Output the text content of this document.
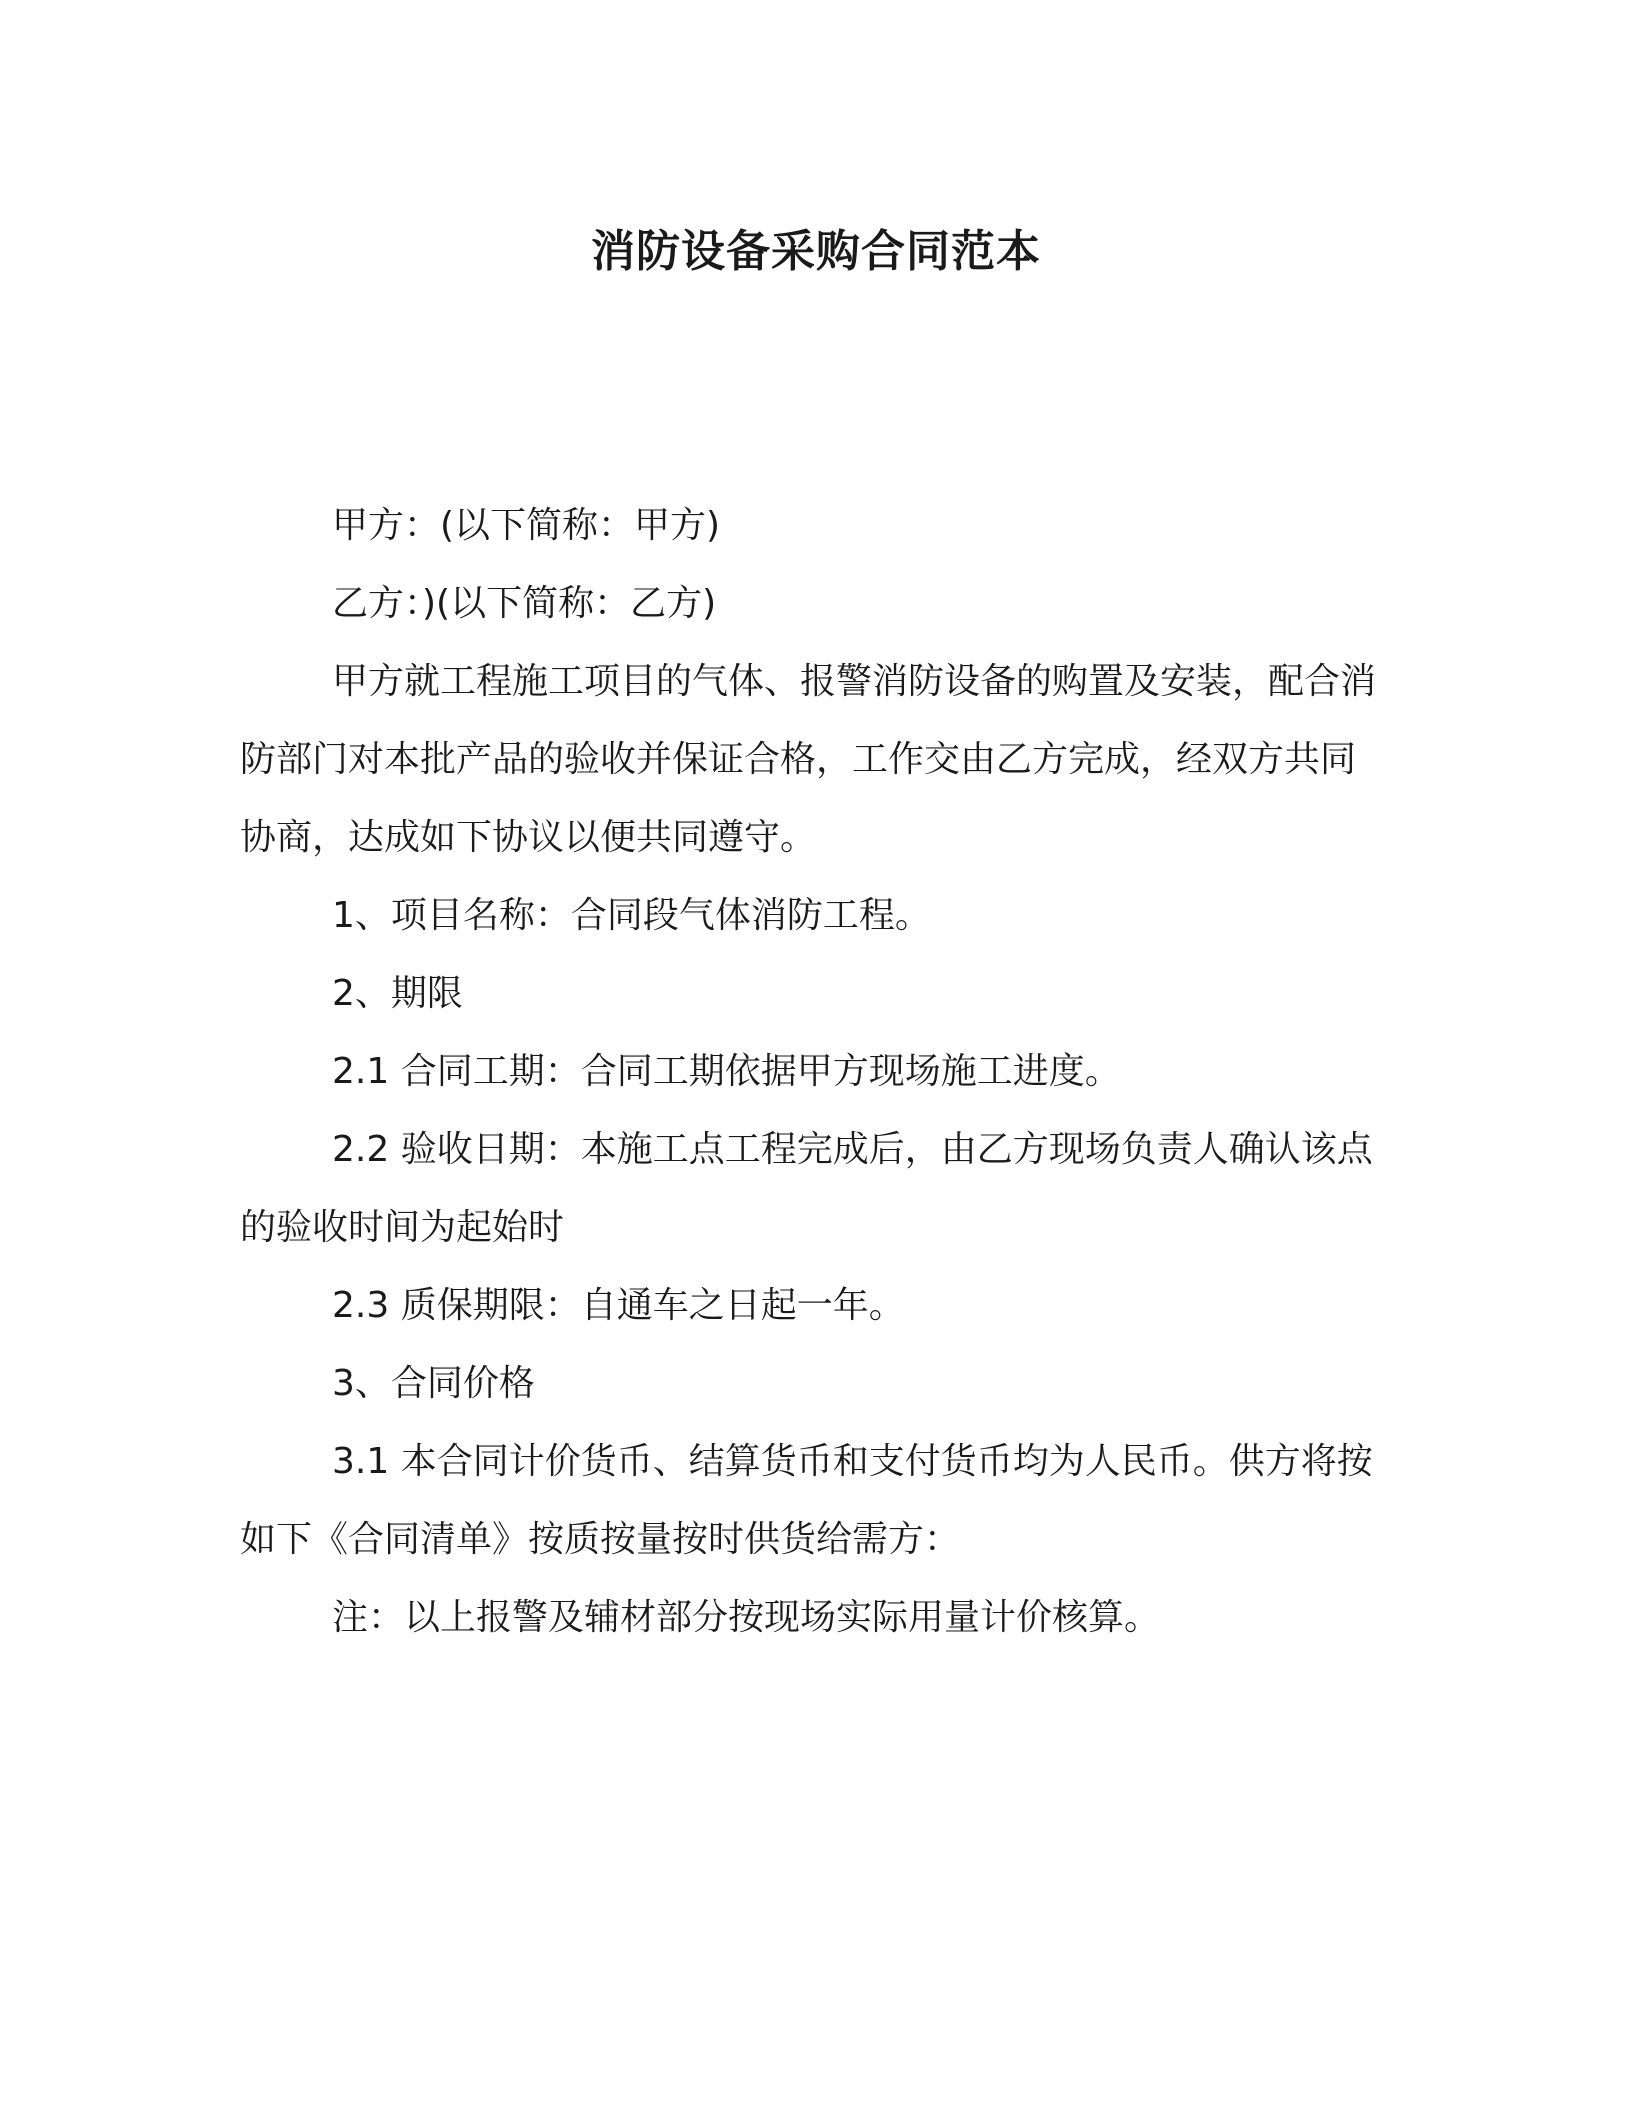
消防设备采购合同范本

甲方：(以下简称：甲方)

乙方：)(以下简称：乙方)

甲方就工程施工项目的气体、报警消防设备的购置及安装，配合消防部门对本批产品的验收并保证合格，工作交由乙方完成，经双方共同协商，达成如下协议以便共同遵守。

1、项目名称：合同段气体消防工程。

2、期限

2.1 合同工期：合同工期依据甲方现场施工进度。

2.2 验收日期：本施工点工程完成后，由乙方现场负责人确认该点的验收时间为起始时

2.3 质保期限：自通车之日起一年。

3、合同价格

3.1 本合同计价货币、结算货币和支付货币均为人民币。供方将按如下《合同清单》按质按量按时供货给需方：

注：以上报警及辅材部分按现场实际用量计价核算。
